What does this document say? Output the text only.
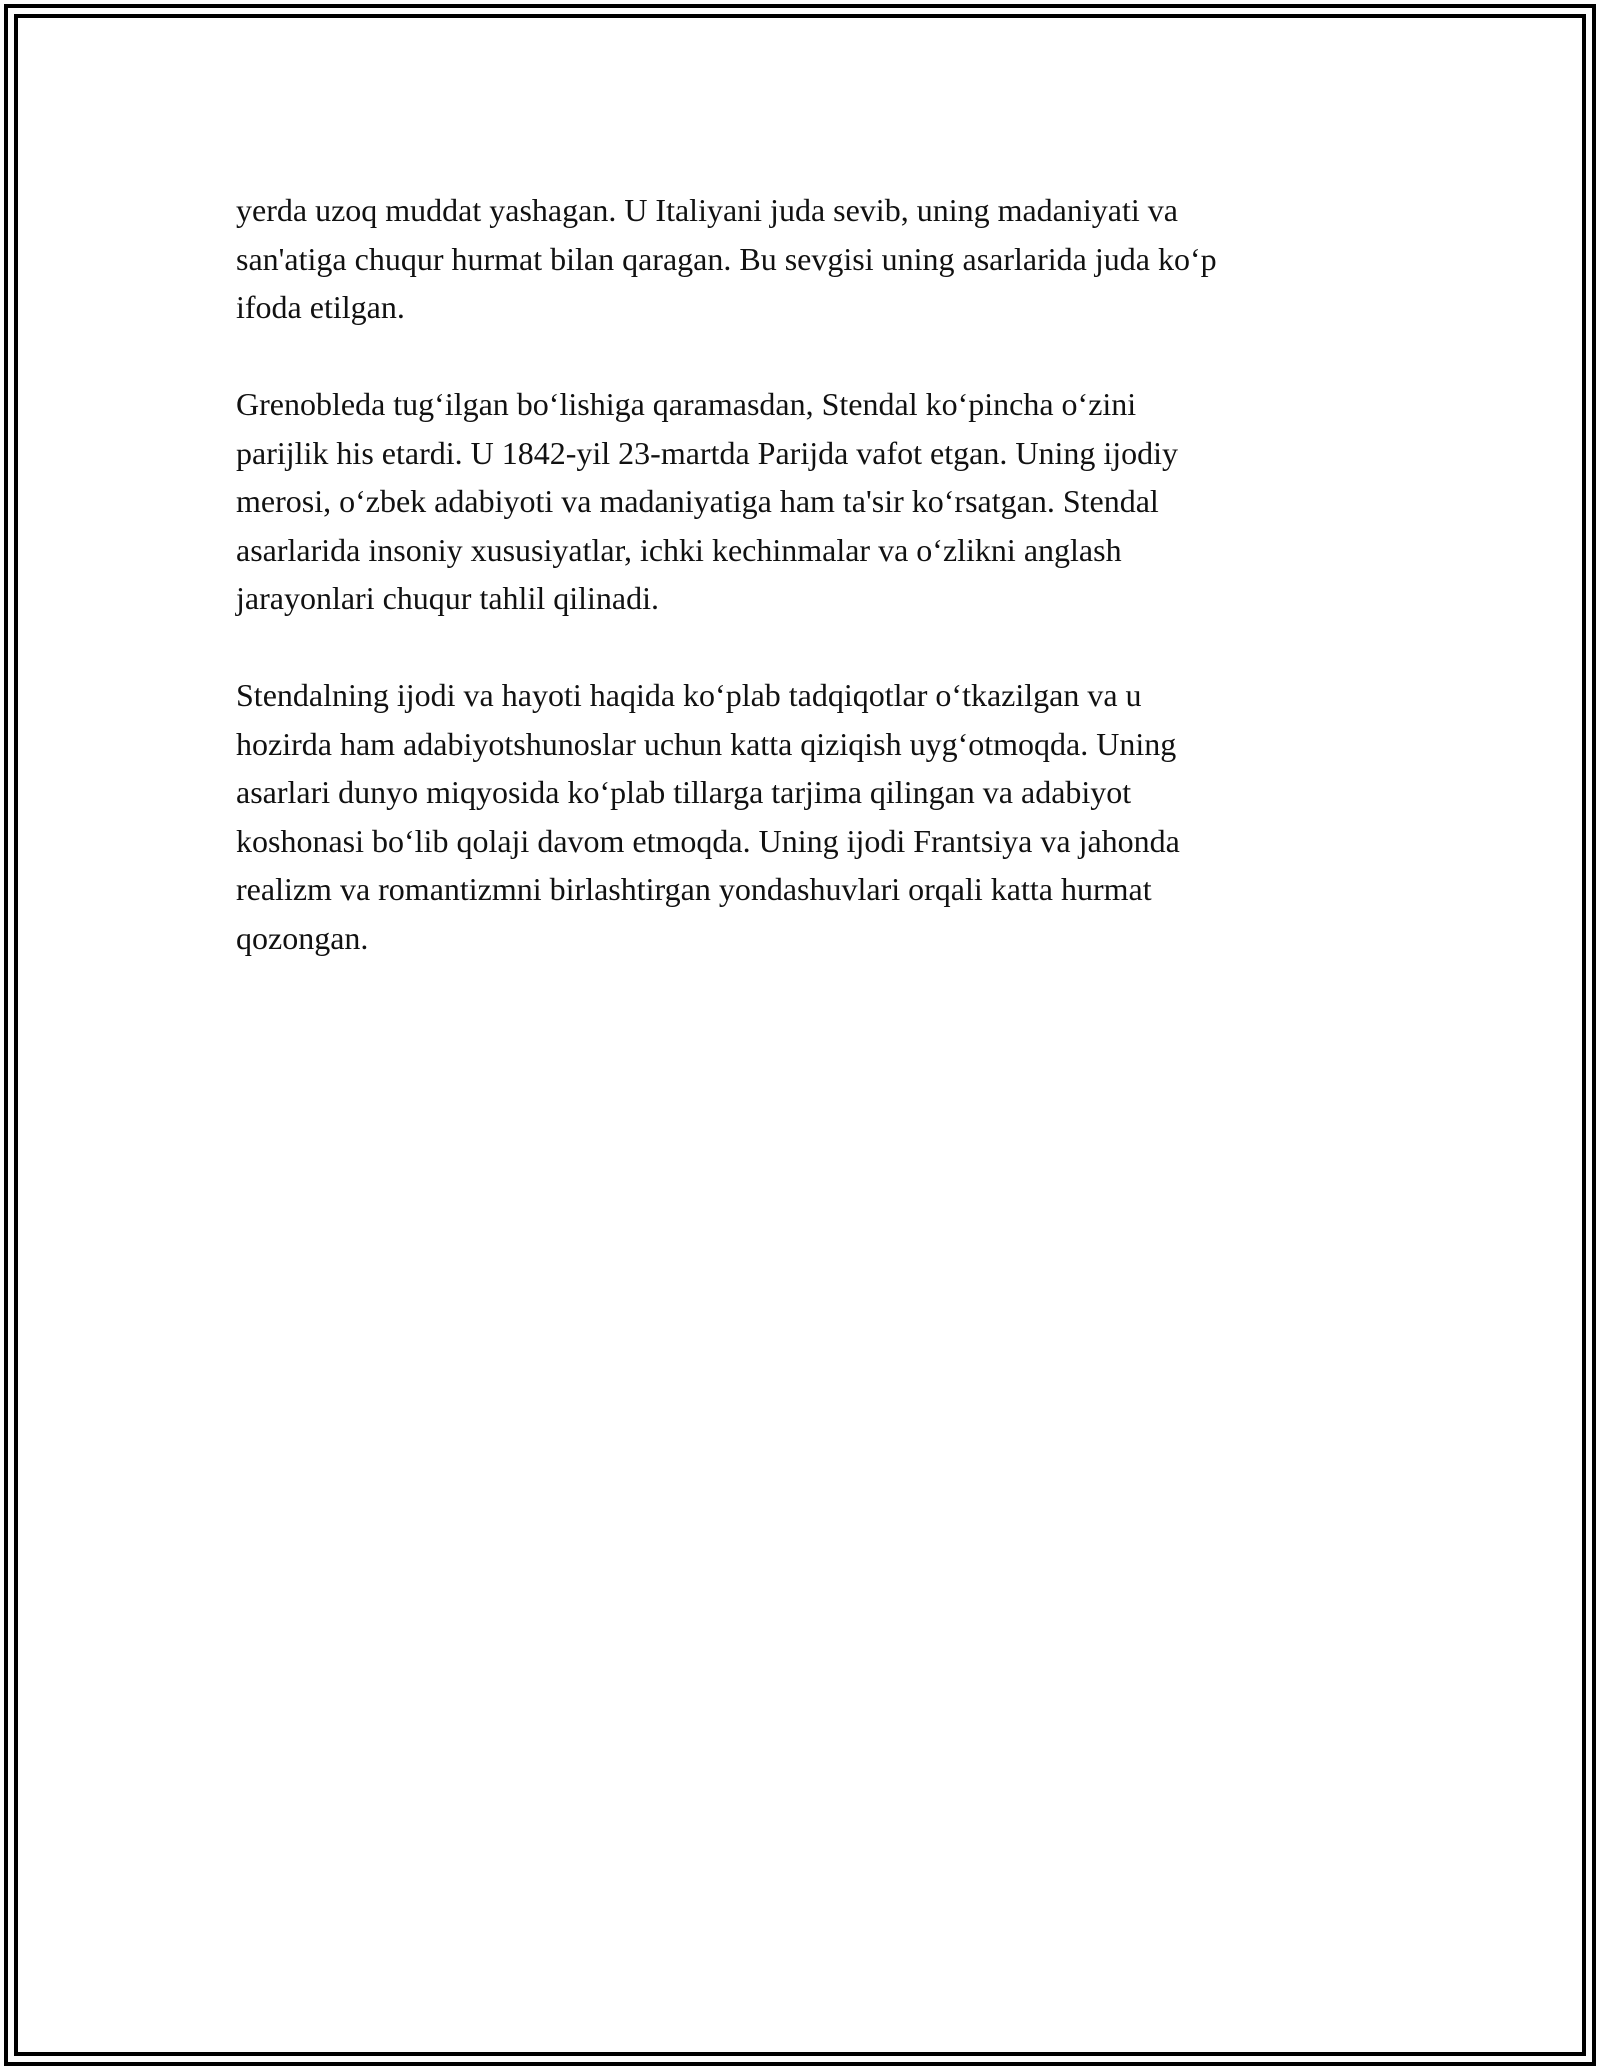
yerda uzoq muddat yashagan. U Italiyani juda sevib, uning madaniyati va
san'atiga chuqur hurmat bilan qaragan. Bu sevgisi uning asarlarida juda ko‘p
ifoda etilgan.

Grenobleda tug‘ilgan bo‘lishiga qaramasdan, Stendal ko‘pincha o‘zini
parijlik his etardi. U 1842-yil 23-martda Parijda vafot etgan. Uning ijodiy
merosi, o‘zbek adabiyoti va madaniyatiga ham ta'sir ko‘rsatgan. Stendal
asarlarida insoniy xususiyatlar, ichki kechinmalar va o‘zlikni anglash
jarayonlari chuqur tahlil qilinadi.

Stendalning ijodi va hayoti haqida ko‘plab tadqiqotlar o‘tkazilgan va u
hozirda ham adabiyotshunoslar uchun katta qiziqish uyg‘otmoqda. Uning
asarlari dunyo miqyosida ko‘plab tillarga tarjima qilingan va adabiyot
koshonasi bo‘lib qolaji davom etmoqda. Uning ijodi Frantsiya va jahonda
realizm va romantizmni birlashtirgan yondashuvlari orqali katta hurmat
qozongan.
